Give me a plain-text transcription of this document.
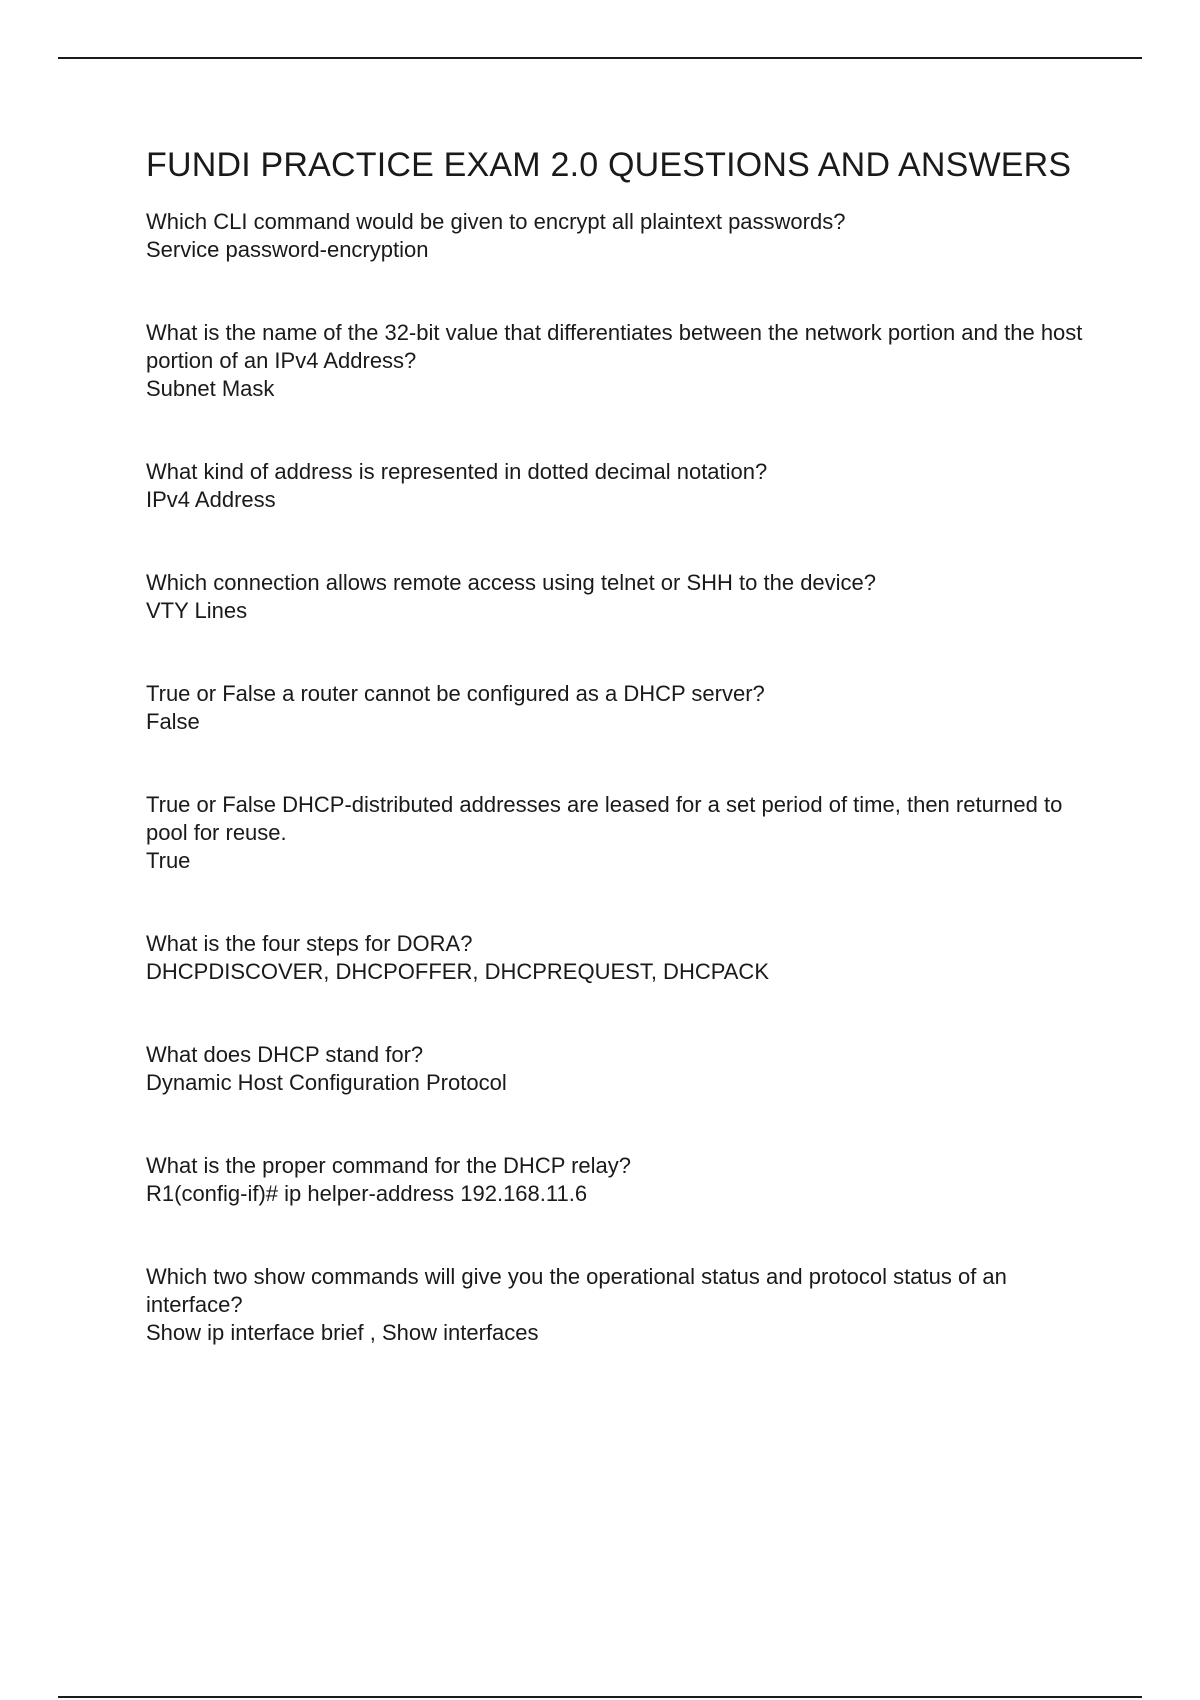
FUNDI PRACTICE EXAM 2.0 QUESTIONS AND ANSWERS
Which CLI command would be given to encrypt all plaintext passwords?
Service password-encryption
What is the name of the 32-bit value that differentiates between the network portion and the host portion of an IPv4 Address?
Subnet Mask
What kind of address is represented in dotted decimal notation?
IPv4 Address
Which connection allows remote access using telnet or SHH to the device?
VTY Lines
True or False a router cannot be configured as a DHCP server?
False
True or False DHCP-distributed addresses are leased for a set period of time, then returned to pool for reuse.
True
What is the four steps for DORA?
DHCPDISCOVER, DHCPOFFER, DHCPREQUEST, DHCPACK
What does DHCP stand for?
Dynamic Host Configuration Protocol
What is the proper command for the DHCP relay?
R1(config-if)# ip helper-address 192.168.11.6
Which two show commands will give you the operational status and protocol status of an interface?
Show ip interface brief , Show interfaces
